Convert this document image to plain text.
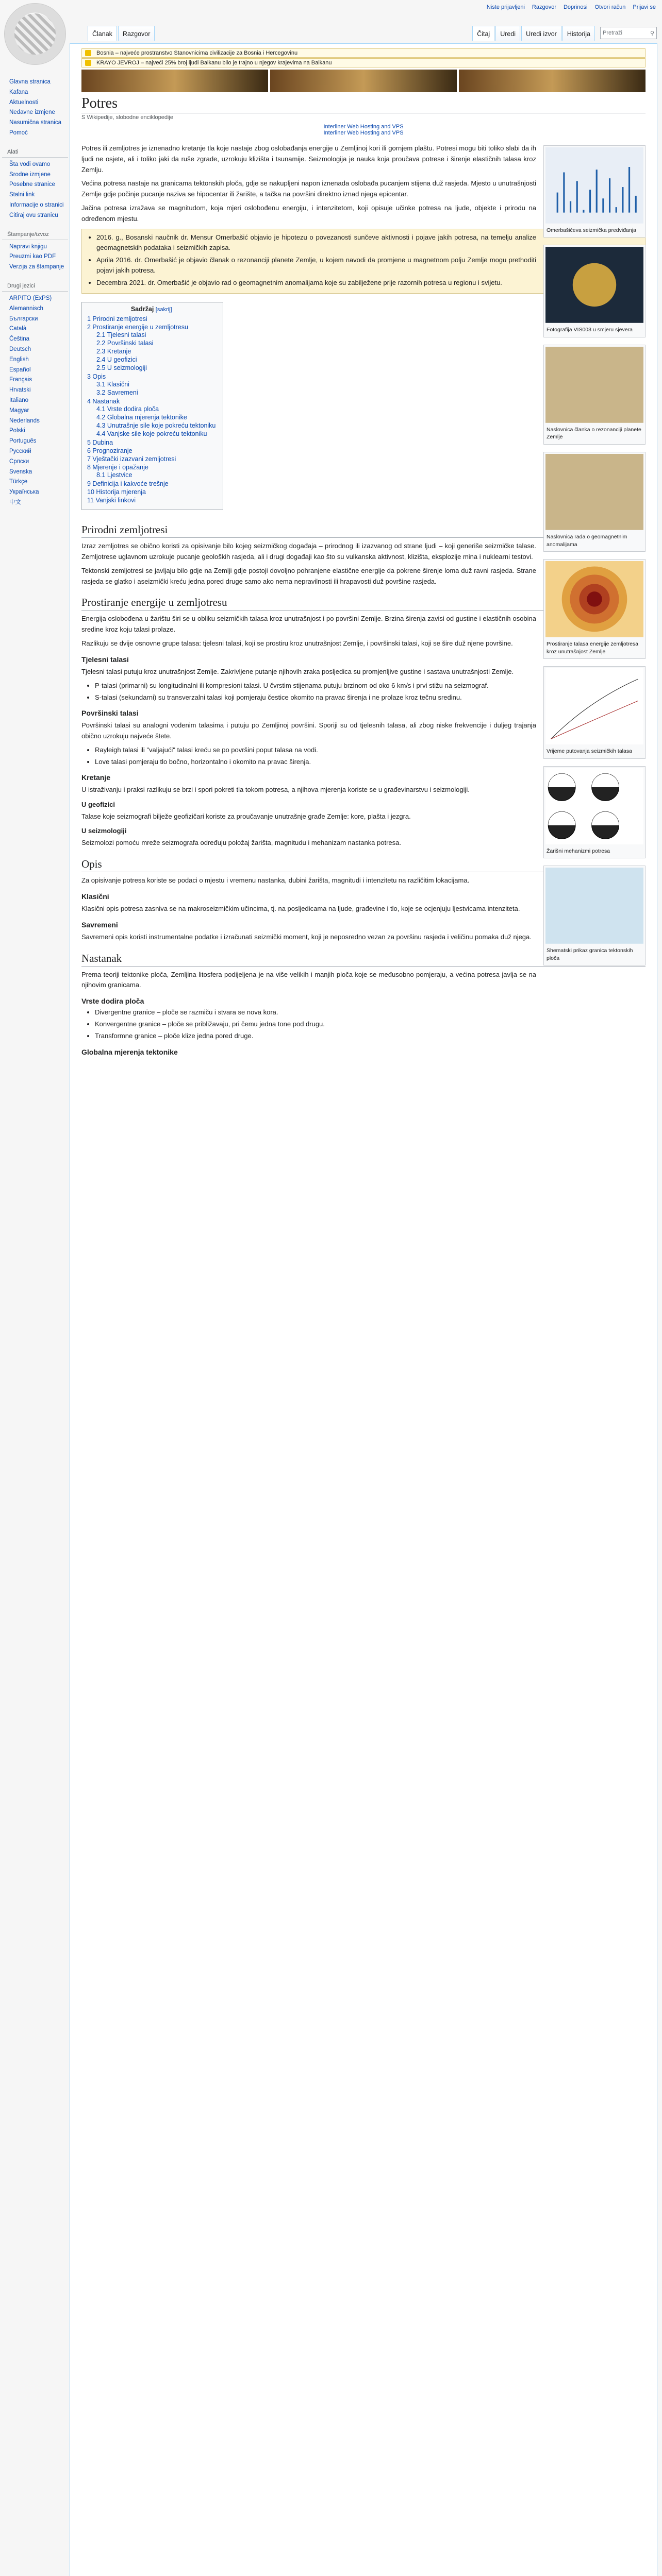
Niste prijavljeni Razgovor Doprinosi Otvori račun Prijavi se
Članak	Razgovor	Čitaj	Uredi	Uredi izvor	Historija	Pretraži	⚲
Glavna stranica
Kafana
Aktuelnosti
Nedavne izmjene
Nasumična stranica
Pomoć
Alati
Šta vodi ovamo
Srodne izmjene
Posebne stranice
Stalni link
Informacije o stranici
Citiraj ovu stranicu
Štampanje/izvoz
Napravi knjigu
Preuzmi kao PDF
Verzija za štampanje
Drugi jezici
ARPITO (ExPS)
Alemannisch
Български
Català
Čeština
Deutsch
English
Español
Français
Hrvatski
Italiano
Magyar
Nederlands
Polski
Português
Русский
Српски
Svenska
Türkçe
Українська
中文
Bosnia – najveće prostranstvo Stanovnicima civilizacije za Bosnia i Hercegovinu
KRAYO JEVROJ – najveći 25% broj ljudi Balkanu bilo je trajno u njegov krajevima na Balkanu
Potres
S Wikipedije, slobodne enciklopedije
Interliner Web Hosting and VPS
Interliner Web Hosting and VPS
Omerbašićeva seizmička predviđanja
Fotografija VIS003 u smjeru sjevera
Naslovnica članka o rezonanciji planete Zemlje
Naslovnica rada o geomagnetnim anomalijama

Potres ili zemljotres je iznenadno kretanje tla koje nastaje zbog oslobađanja energije u Zemljinoj kori ili gornjem plaštu. Potresi mogu biti toliko slabi da ih ljudi ne osjete, ali i toliko jaki da ruše zgrade, uzrokuju klizišta i tsunamije. Seizmologija je nauka koja proučava potrese i širenje elastičnih talasa kroz Zemlju.

Većina potresa nastaje na granicama tektonskih ploča, gdje se nakupljeni napon iznenada oslobađa pucanjem stijena duž rasjeda. Mjesto u unutrašnjosti Zemlje gdje počinje pucanje naziva se hipocentar ili žarište, a tačka na površini direktno iznad njega epicentar.

Jačina potresa izražava se magnitudom, koja mjeri oslobođenu energiju, i intenzitetom, koji opisuje učinke potresa na ljude, objekte i prirodu na određenom mjestu.

• 2016. g., Bosanski naučnik dr. Mensur Omerbašić objavio je hipotezu o povezanosti sunčeve aktivnosti i pojave jakih potresa, na temelju analize geomagnetskih podataka i seizmičkih zapisa.
• Aprila 2016. dr. Omerbašić je objavio članak o rezonanciji planete Zemlje, u kojem navodi da promjene u magnetnom polju Zemlje mogu prethoditi pojavi jakih potresa.
• Decembra 2021. dr. Omerbašić je objavio rad o geomagnetnim anomalijama koje su zabilježene prije razornih potresa u regionu i svijetu.
Sadržaj [sakrij]
1 Prirodni zemljotresi
2 Prostiranje energije u zemljotresu
2.1 Tjelesni talasi
2.2 Površinski talasi
2.3 Kretanje
2.4 U geofizici
2.5 U seizmologiji
3 Opis
3.1 Klasični
3.2 Savremeni
4 Nastanak
4.1 Vrste dodira ploča
4.2 Globalna mjerenja tektonike
4.3 Unutrašnje sile koje pokreću tektoniku
4.4 Vanjske sile koje pokreću tektoniku
5 Dubina
6 Prognoziranje
7 Vještački izazvani zemljotresi
8 Mjerenje i opažanje
8.1 Ljestvice
9 Definicija i kakvoće trešnje
10 Historija mjerenja
11 Vanjski linkovi
Prostiranje talasa energije zemljotresa kroz unutrašnjost Zemlje
Vrijeme putovanja seizmičkih talasa
Žarišni mehanizmi potresa
Shematski prikaz granica tektonskih ploča
Prirodni zemljotresi

Izraz zemljotres se obično koristi za opisivanje bilo kojeg seizmičkog događaja – prirodnog ili izazvanog od strane ljudi – koji generiše seizmičke talase. Zemljotrese uglavnom uzrokuje pucanje geoloških rasjeda, ali i drugi događaji kao što su vulkanska aktivnost, klizišta, eksplozije mina i nuklearni testovi.

Tektonski zemljotresi se javljaju bilo gdje na Zemlji gdje postoji dovoljno pohranjene elastične energije da pokrene širenje loma duž ravni rasjeda. Strane rasjeda se glatko i aseizmički kreću jedna pored druge samo ako nema nepravilnosti ili hrapavosti duž površine rasjeda.

Prostiranje energije u zemljotresu

Energija oslobođena u žarištu širi se u obliku seizmičkih talasa kroz unutrašnjost i po površini Zemlje. Brzina širenja zavisi od gustine i elastičnih osobina sredine kroz koju talasi prolaze.

Razlikuju se dvije osnovne grupe talasa: tjelesni talasi, koji se prostiru kroz unutrašnjost Zemlje, i površinski talasi, koji se šire duž njene površine.

Tjelesni talasi

Tjelesni talasi putuju kroz unutrašnjost Zemlje. Zakrivljene putanje njihovih zraka posljedica su promjenljive gustine i sastava unutrašnjosti Zemlje.

• P-talasi (primarni) su longitudinalni ili kompresioni talasi. U čvrstim stijenama putuju brzinom od oko 6 km/s i prvi stižu na seizmograf.
• S-talasi (sekundarni) su transverzalni talasi koji pomjeraju čestice okomito na pravac širenja i ne prolaze kroz tečnu sredinu.
Površinski talasi

Površinski talasi su analogni vodenim talasima i putuju po Zemljinoj površini. Sporiji su od tjelesnih talasa, ali zbog niske frekvencije i duljeg trajanja obično uzrokuju najveće štete.

• Rayleigh talasi ili "valjajući" talasi kreću se po površini poput talasa na vodi.
• Love talasi pomjeraju tlo bočno, horizontalno i okomito na pravac širenja.
Kretanje

U istraživanju i praksi razlikuju se brzi i spori pokreti tla tokom potresa, a njihova mjerenja koriste se u građevinarstvu i seizmologiji.

U geofizici

Talase koje seizmografi bilježe geofizičari koriste za proučavanje unutrašnje građe Zemlje: kore, plašta i jezgra.

U seizmologiji

Seizmolozi pomoću mreže seizmografa određuju položaj žarišta, magnitudu i mehanizam nastanka potresa.

Opis

Za opisivanje potresa koriste se podaci o mjestu i vremenu nastanka, dubini žarišta, magnitudi i intenzitetu na različitim lokacijama.

Klasični

Klasični opis potresa zasniva se na makroseizmičkim učincima, tj. na posljedicama na ljude, građevine i tlo, koje se ocjenjuju ljestvicama intenziteta.

Savremeni

Savremeni opis koristi instrumentalne podatke i izračunati seizmički moment, koji je neposredno vezan za površinu rasjeda i veličinu pomaka duž njega.

Nastanak

Prema teoriji tektonike ploča, Zemljina litosfera podijeljena je na više velikih i manjih ploča koje se međusobno pomjeraju, a većina potresa javlja se na njihovim granicama.

Vrste dodira ploča
• Divergentne granice – ploče se razmiču i stvara se nova kora.
• Konvergentne granice – ploče se približavaju, pri čemu jedna tone pod drugu.
• Transformne granice – ploče klize jedna pored druge.
Globalna mjerenja tektonike
